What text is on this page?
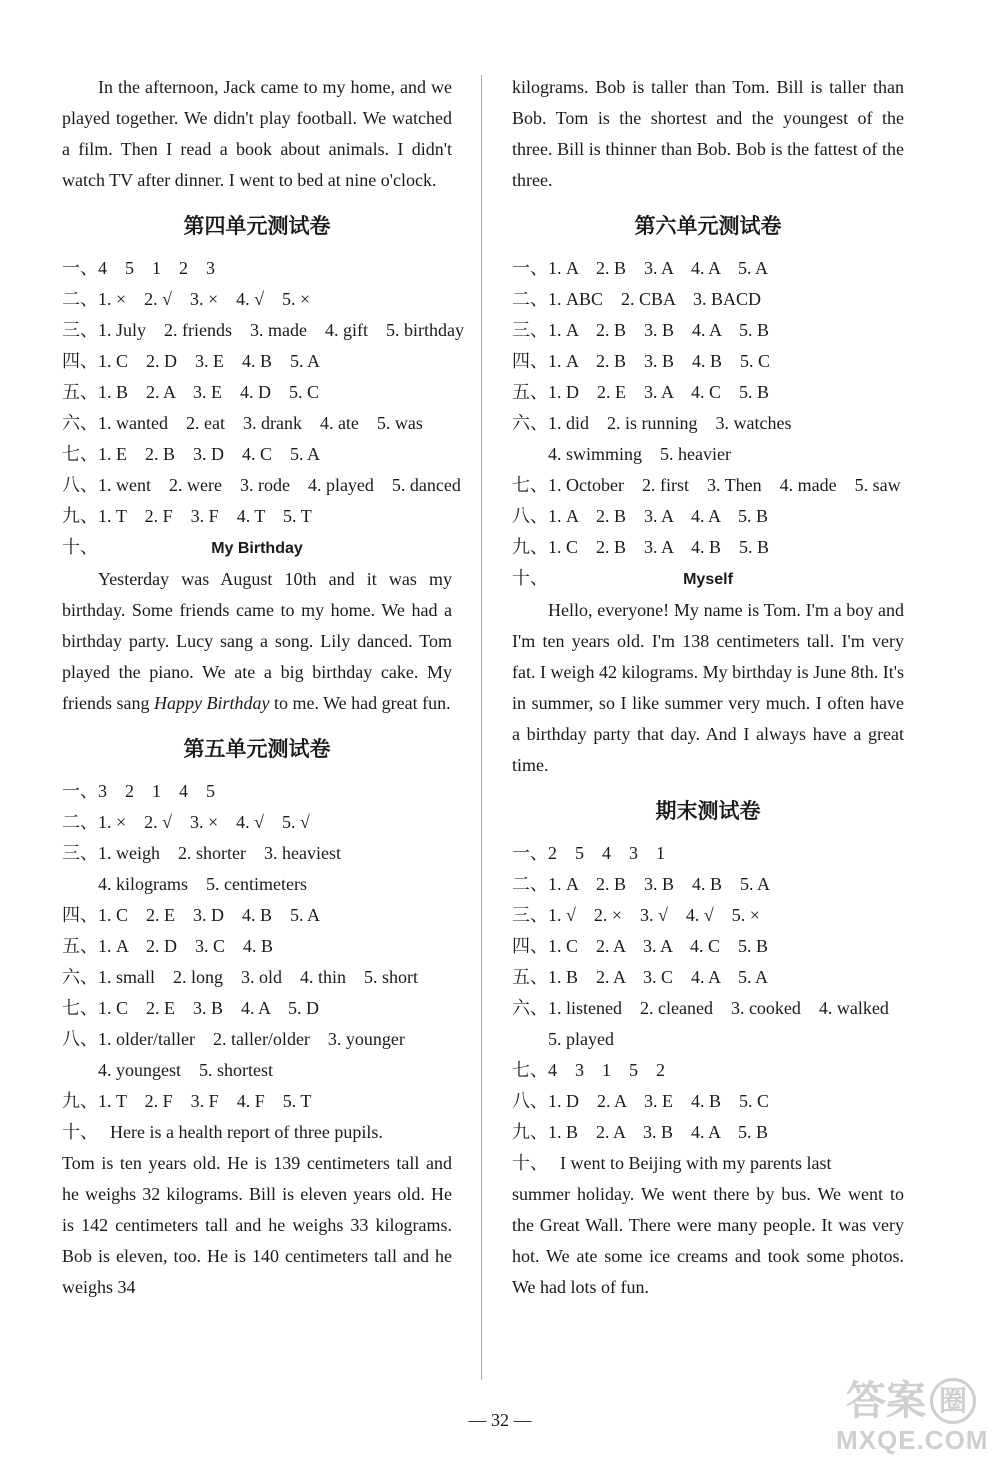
In the afternoon, Jack came to my home, and we played together. We didn't play football. We watched a film. Then I read a book about animals. I didn't watch TV after dinner. I went to bed at nine o'clock.

第四单元测试卷

一、4　5　1　2　3

二、1. ×　2. √　3. ×　4. √　5. ×

三、1. July　2. friends　3. made　4. gift　5. birthday

四、1. C　2. D　3. E　4. B　5. A

五、1. B　2. A　3. E　4. D　5. C

六、1. wanted　2. eat　3. drank　4. ate　5. was

七、1. E　2. B　3. D　4. C　5. A

八、1. went　2. were　3. rode　4. played　5. danced

九、1. T　2. F　3. F　4. T　5. T

十、	My Birthday

Yesterday was August 10th and it was my birthday. Some friends came to my home. We had a birthday party. Lucy sang a song. Lily danced. Tom played the piano. We ate a big birthday cake. My friends sang Happy Birthday to me. We had great fun.

第五单元测试卷

一、3　2　1　4　5

二、1. ×　2. √　3. ×　4. √　5. √

三、1. weigh　2. shorter　3. heaviest

4. kilograms　5. centimeters

四、1. C　2. E　3. D　4. B　5. A

五、1. A　2. D　3. C　4. B

六、1. small　2. long　3. old　4. thin　5. short

七、1. C　2. E　3. B　4. A　5. D

八、1. older/taller　2. taller/older　3. younger

4. youngest　5. shortest

九、1. T　2. F　3. F　4. F　5. T

十、 Here is a health report of three pupils.

Tom is ten years old. He is 139 centimeters tall and he weighs 32 kilograms. Bill is eleven years old. He is 142 centimeters tall and he weighs 33 kilograms. Bob is eleven, too. He is 140 centimeters tall and he weighs 34

kilograms. Bob is taller than Tom. Bill is taller than Bob. Tom is the shortest and the youngest of the three. Bill is thinner than Bob. Bob is the fattest of the three.

第六单元测试卷

一、1. A　2. B　3. A　4. A　5. A

二、1. ABC　2. CBA　3. BACD

三、1. A　2. B　3. B　4. A　5. B

四、1. A　2. B　3. B　4. B　5. C

五、1. D　2. E　3. A　4. C　5. B

六、1. did　2. is running　3. watches

4. swimming　5. heavier

七、1. October　2. first　3. Then　4. made　5. saw

八、1. A　2. B　3. A　4. A　5. B

九、1. C　2. B　3. A　4. B　5. B

十、	Myself

Hello, everyone! My name is Tom. I'm a boy and I'm ten years old. I'm 138 centimeters tall. I'm very fat. I weigh 42 kilograms. My birthday is June 8th. It's in summer, so I like summer very much. I often have a birthday party that day. And I always have a great time.

期末测试卷

一、2　5　4　3　1

二、1. A　2. B　3. B　4. B　5. A

三、1. √　2. ×　3. √　4. √　5. ×

四、1. C　2. A　3. A　4. C　5. B

五、1. B　2. A　3. C　4. A　5. A

六、1. listened　2. cleaned　3. cooked　4. walked

5. played

七、4　3　1　5　2

八、1. D　2. A　3. E　4. B　5. C

九、1. B　2. A　3. B　4. A　5. B

十、 I went to Beijing with my parents last

summer holiday. We went there by bus. We went to the Great Wall. There were many people. It was very hot. We ate some ice creams and took some photos. We had lots of fun.

— 32 —	答案 圈
MXQE.COM
